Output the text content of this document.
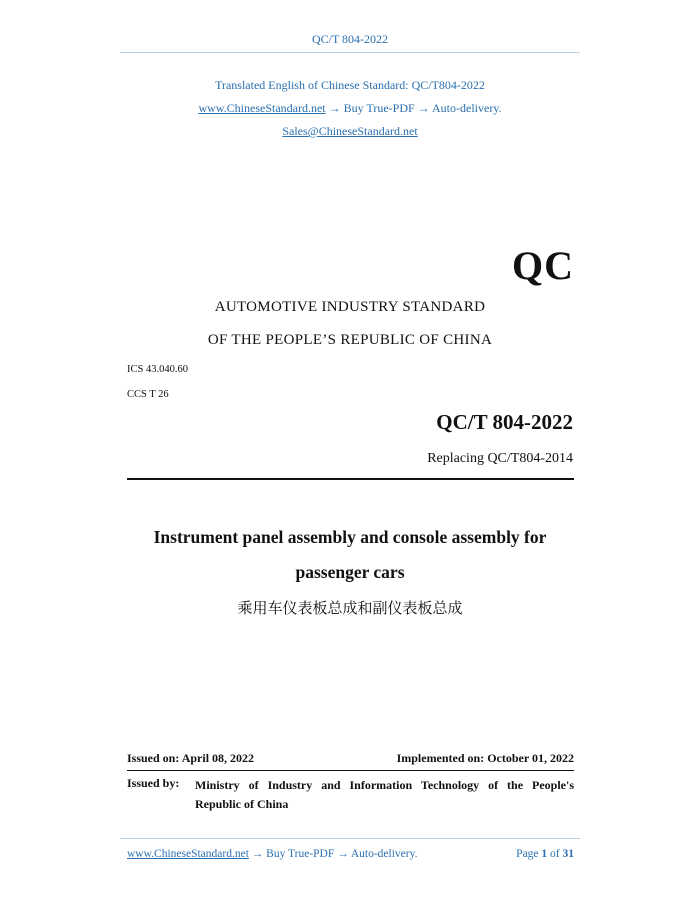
QC/T 804-2022
Translated English of Chinese Standard: QC/T804-2022
www.ChineseStandard.net → Buy True-PDF → Auto-delivery.
Sales@ChineseStandard.net
QC
AUTOMOTIVE INDUSTRY STANDARD
OF THE PEOPLE’S REPUBLIC OF CHINA
ICS 43.040.60
CCS T 26
QC/T 804-2022
Replacing QC/T804-2014
Instrument panel assembly and console assembly for
passenger cars
乘用车仪表板总成和副仪表板总成
Issued on: April 08, 2022	Implemented on: October 01, 2022
Issued by:	Ministry of Industry and Information Technology of the People's Republic of China
www.ChineseStandard.net → Buy True-PDF → Auto-delivery.	Page 1 of 31
